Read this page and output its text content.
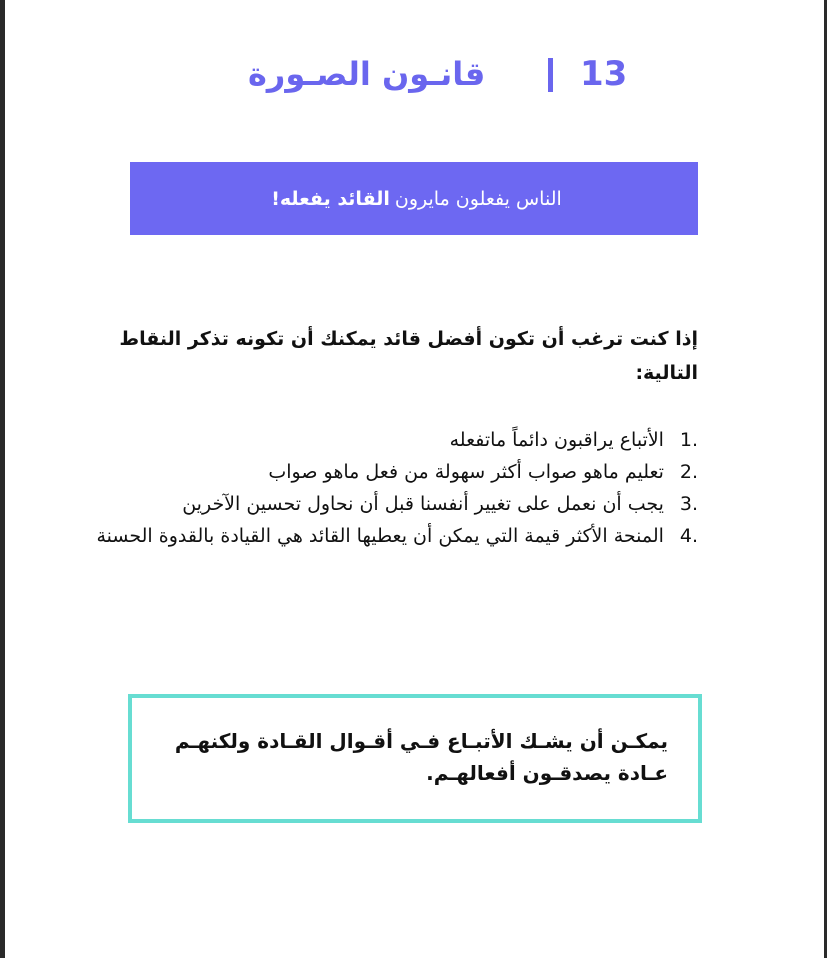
قانـون الصـورة	13
الناس يفعلون مايرون
القائد يفعله!
إذا كنت ترغب أن تكون أفضل قائد يمكنك أن تكونه تذكر النقاط التالية:
.1 الأتباع يراقبون دائماً ماتفعله
.2 تعليم ماهو صواب أكثر سهولة من فعل ماهو صواب
.3 يجب أن نعمل على تغيير أنفسنا قبل أن نحاول تحسين الآخرين
.4 المنحة الأكثر قيمة التي يمكن أن يعطيها القائد هي القيادة بالقدوة الحسنة

يمكـن أن يشـك الأتبـاع فـي أقـوال القـادة ولكنهـم عـادة يصدقـون أفعالهـم.
